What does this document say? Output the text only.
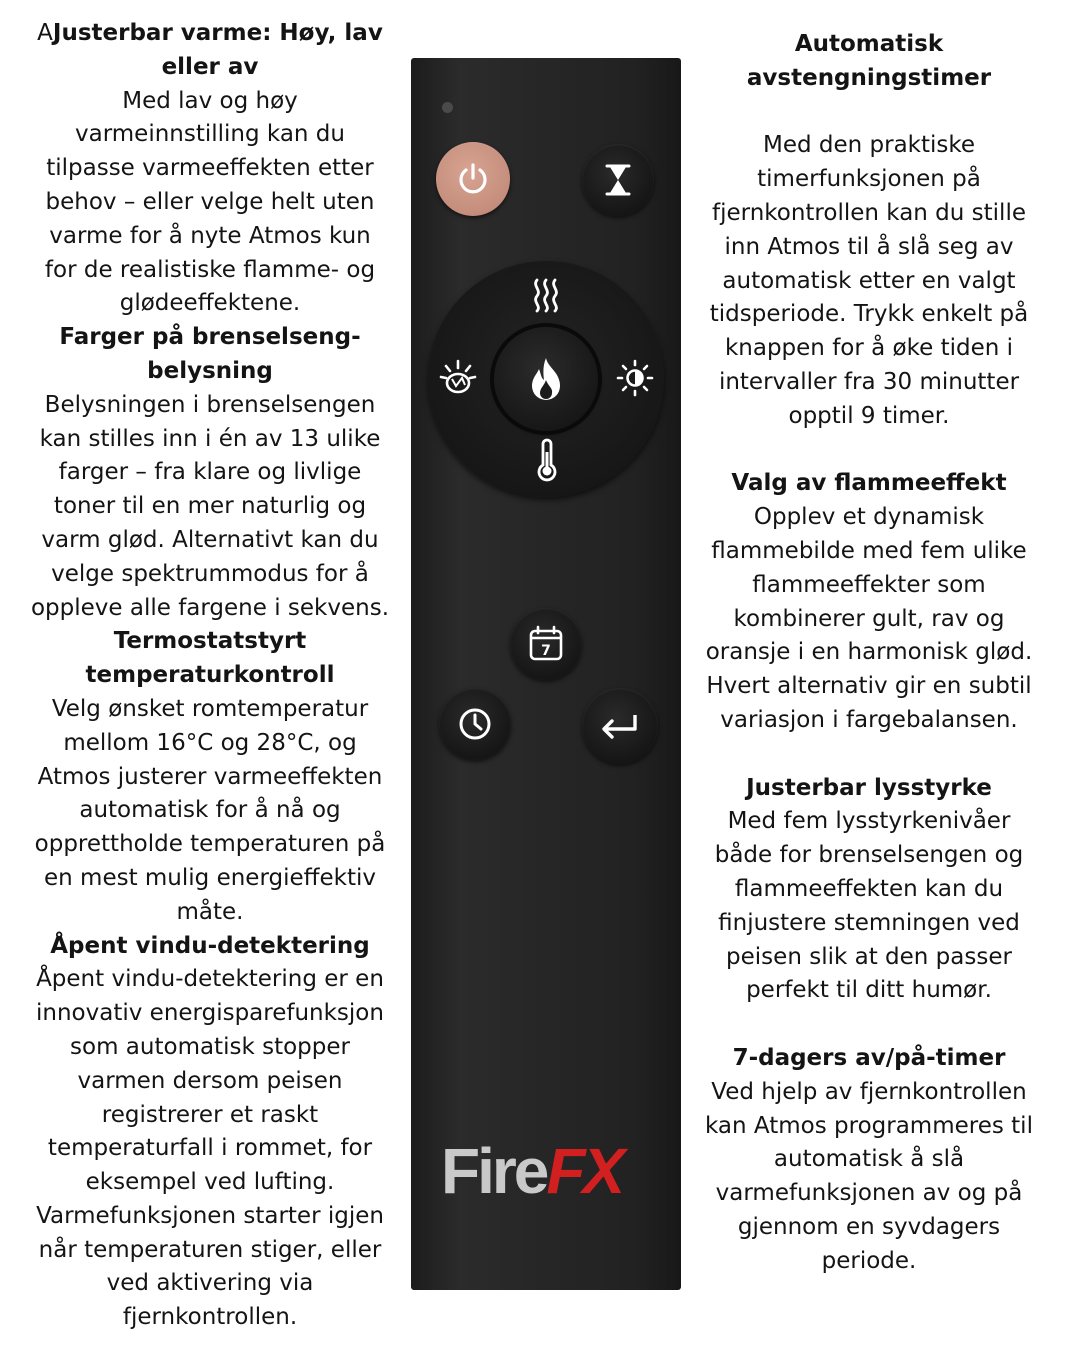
AJusterbar varme: Høy, lav eller av

Med lav og høy varmeinnstilling kan du tilpasse varmeeffekten etter behov – eller velge helt uten varme for å nyte Atmos kun for de realistiske flamme- og glødeeffektene.

Farger på brenselseng-belysning

Belysningen i brenselsengen kan stilles inn i én av 13 ulike farger – fra klare og livlige toner til en mer naturlig og varm glød. Alternativt kan du velge spektrummodus for å oppleve alle fargene i sekvens.

Termostatstyrt temperaturkontroll

Velg ønsket romtemperatur mellom 16°C og 28°C, og Atmos justerer varmeeffekten automatisk for å nå og opprettholde temperaturen på en mest mulig energieffektiv måte.

Åpent vindu-detektering

Åpent vindu-detektering er en innovativ energisparefunksjon som automatisk stopper varmen dersom peisen registrerer et raskt temperaturfall i rommet, for eksempel ved lufting. Varmefunksjonen starter igjen når temperaturen stiger, eller ved aktivering via fjernkontrollen.

Automatisk avstengningstimer

Med den praktiske timerfunksjonen på fjernkontrollen kan du stille inn Atmos til å slå seg av automatisk etter en valgt tidsperiode. Trykk enkelt på knappen for å øke tiden i intervaller fra 30 minutter opptil 9 timer.

Valg av flammeeffekt

Opplev et dynamisk flammebilde med fem ulike flammeeffekter som kombinerer gult, rav og oransje i en harmonisk glød. Hvert alternativ gir en subtil variasjon i fargebalansen.

Justerbar lysstyrke

Med fem lysstyrkenivåer både for brenselsengen og flammeeffekten kan du finjustere stemningen ved peisen slik at den passer perfekt til ditt humør.

7-dagers av/på-timer

Ved hjelp av fjernkontrollen kan Atmos programmeres til automatisk å slå varmefunksjonen av og på gjennom en syvdagers periode.

7
FireFX
